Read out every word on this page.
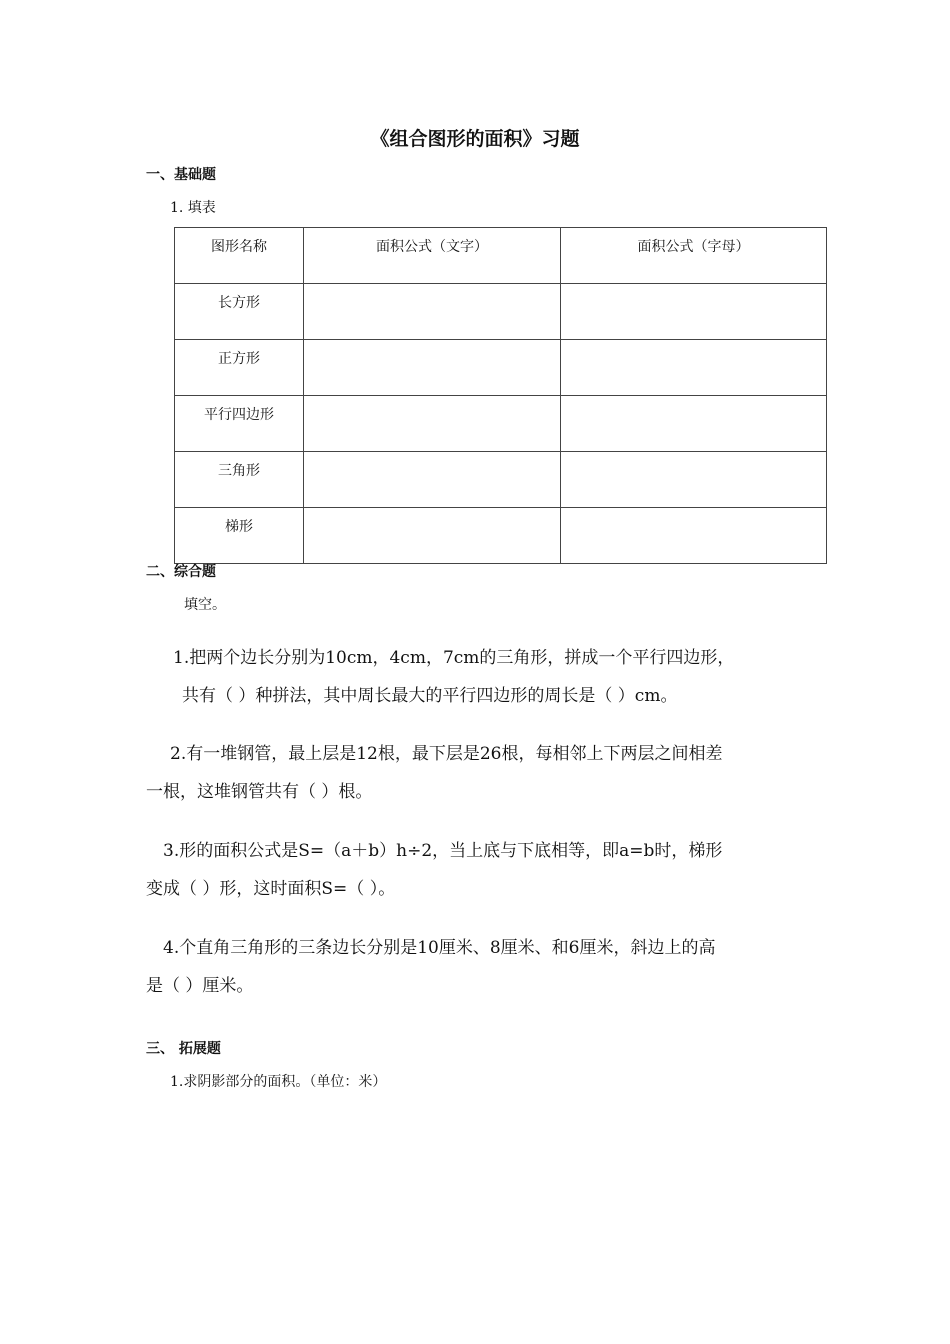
《组合图形的面积》习题
一、基础题
1. 填表
图形名称	面积公式（文字）	面积公式（字母）
长方形		
正方形		
平行四边形		
三角形		
梯形		
二、综合题
填空。
1.把两个边长分别为10cm，4cm，7cm的三角形，拼成一个平行四边形，
共有（ ）种拼法，其中周长最大的平行四边形的周长是（ ）cm。
2.有一堆钢管，最上层是12根，最下层是26根，每相邻上下两层之间相差
一根，这堆钢管共有（ ）根。
3.形的面积公式是S=（a＋b）h÷2，当上底与下底相等，即a=b时，梯形
变成（ ）形，这时面积S=（ ）。
4.个直角三角形的三条边长分别是10厘米、8厘米、和6厘米，斜边上的高
是（ ）厘米。
三、 拓展题
1.求阴影部分的面积。（单位：米）
